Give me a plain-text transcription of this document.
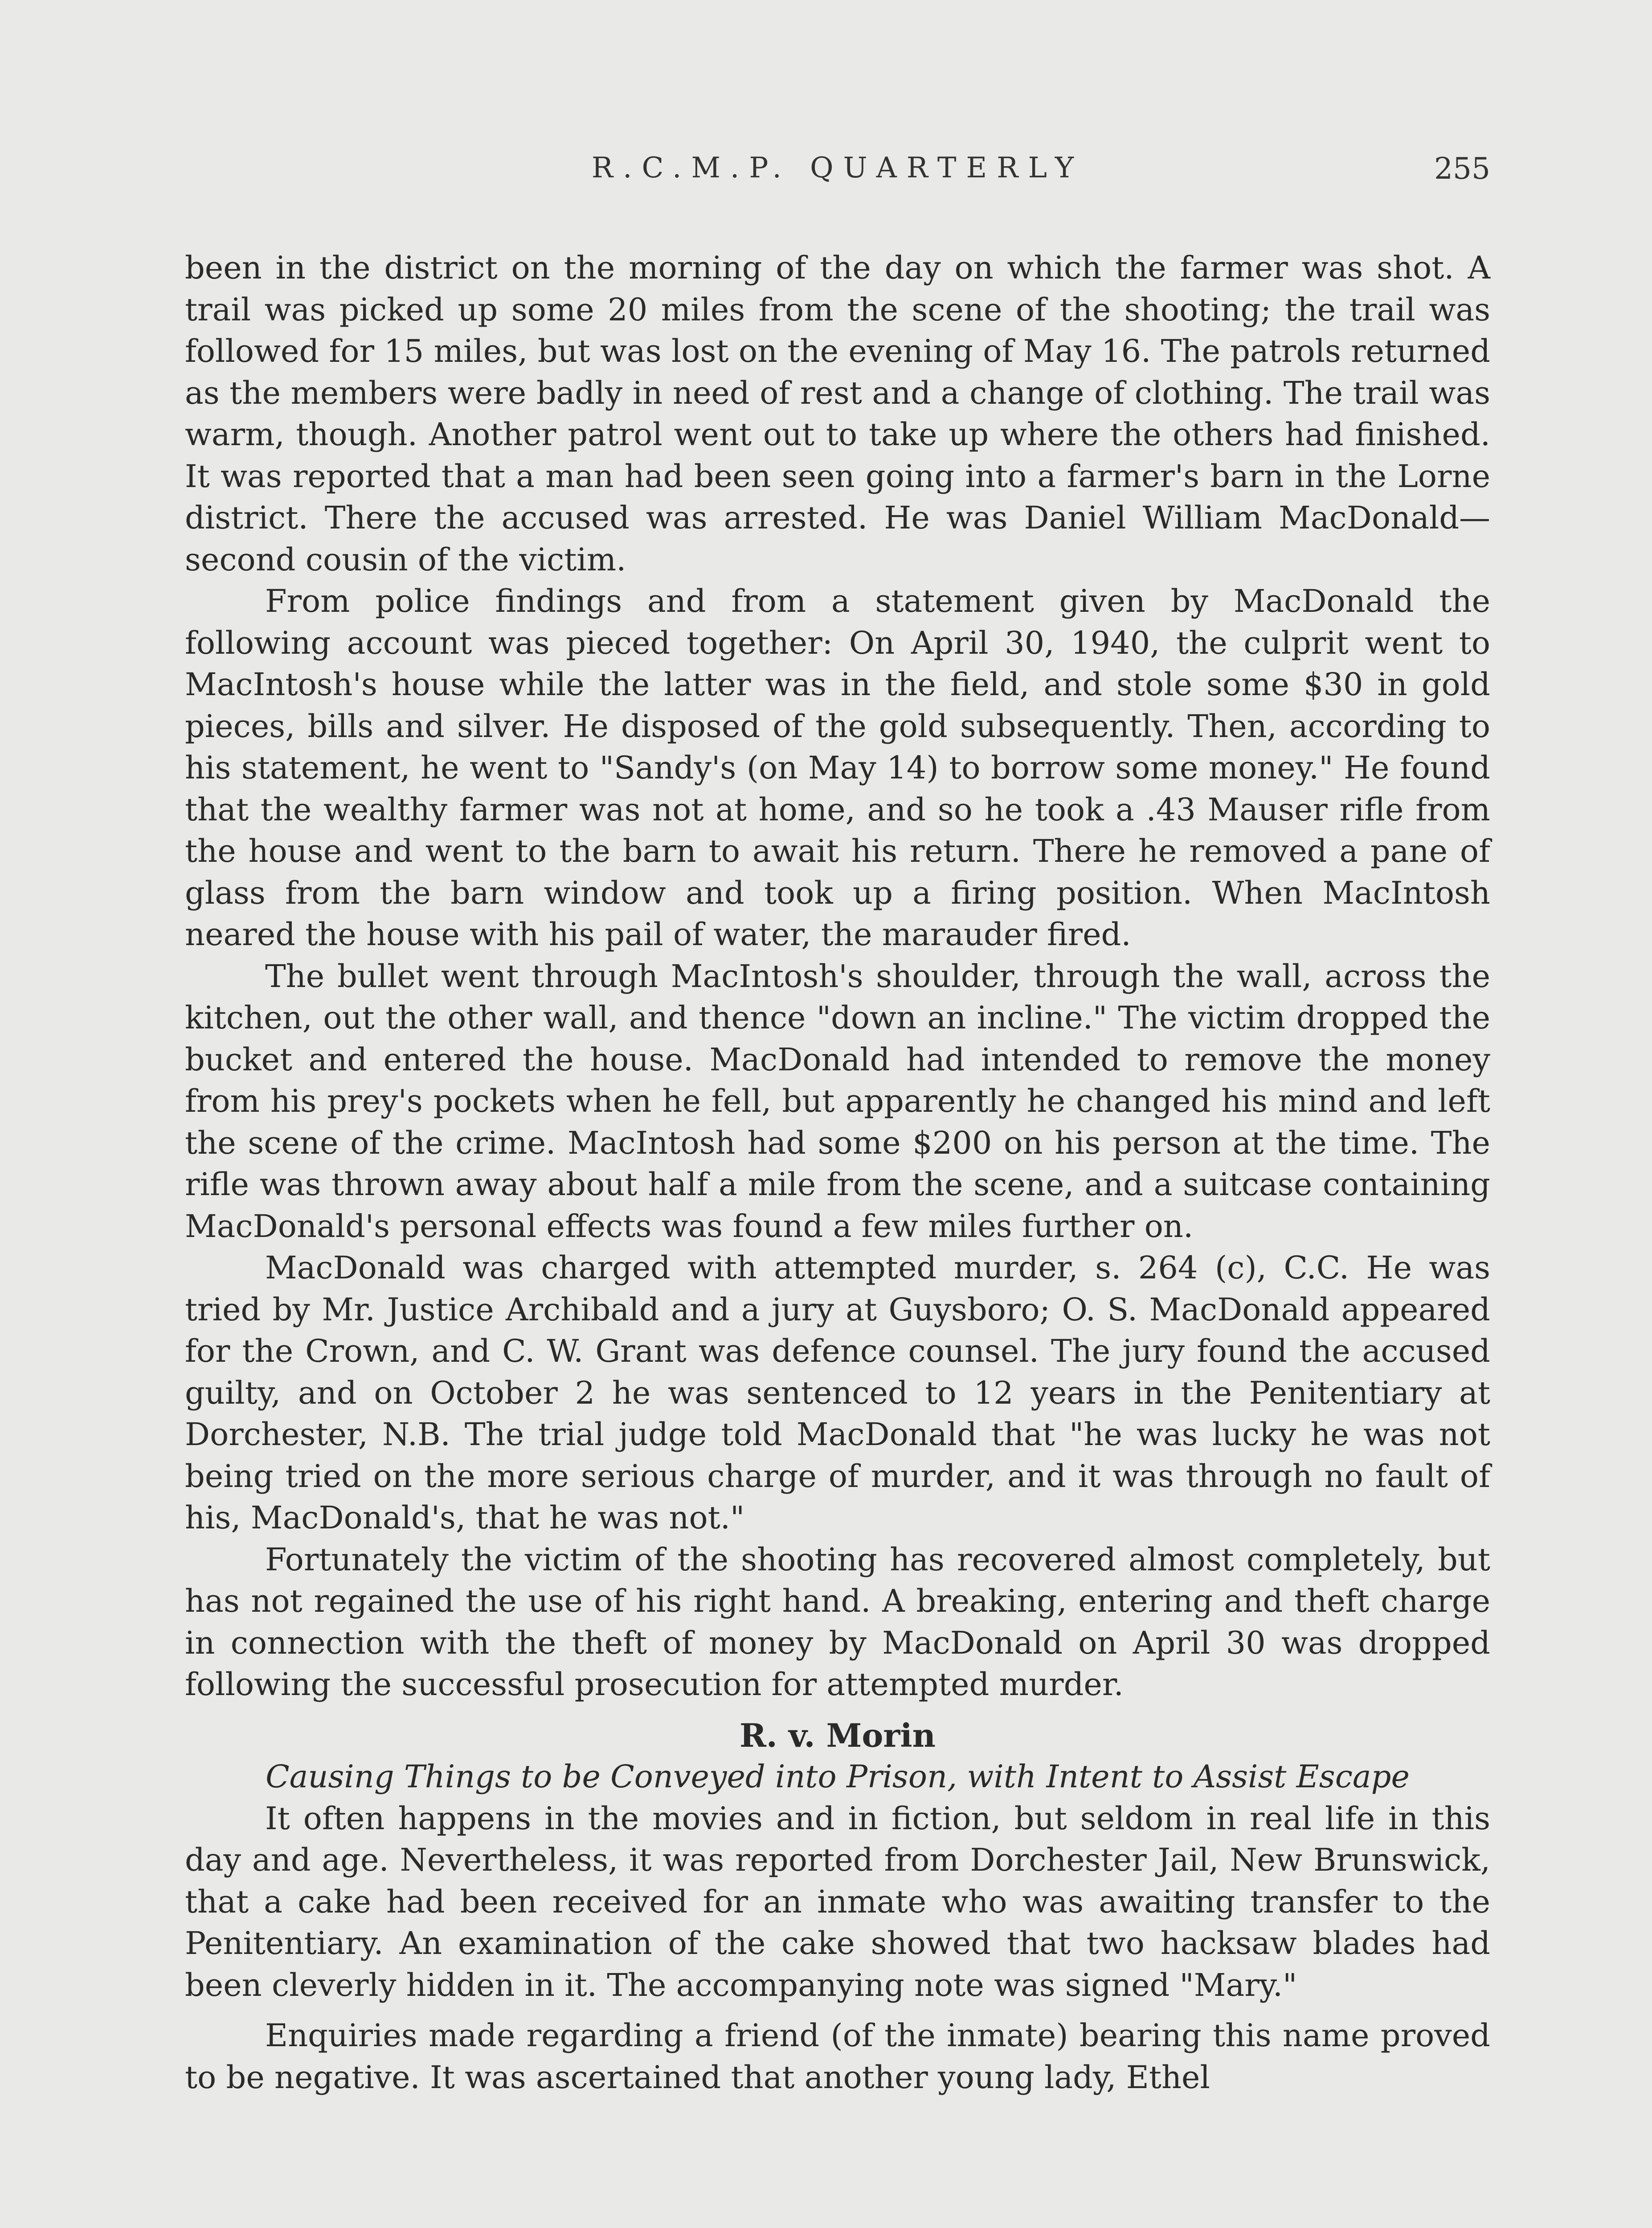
R.C.M.P. QUARTERLY	255

been in the district on the morning of the day on which the farmer was shot. A trail was picked up some 20 miles from the scene of the shooting; the trail was followed for 15 miles, but was lost on the evening of May 16. The patrols returned as the members were badly in need of rest and a change of clothing. The trail was warm, though. Another patrol went out to take up where the others had finished. It was reported that a man had been seen going into a farmer's barn in the Lorne district. There the accused was arrested. He was Daniel William MacDonald—second cousin of the victim.

From police findings and from a statement given by MacDonald the following account was pieced together: On April 30, 1940, the culprit went to MacIntosh's house while the latter was in the field, and stole some $30 in gold pieces, bills and silver. He disposed of the gold subsequently. Then, according to his statement, he went to "Sandy's (on May 14) to borrow some money." He found that the wealthy farmer was not at home, and so he took a .43 Mauser rifle from the house and went to the barn to await his return. There he removed a pane of glass from the barn window and took up a firing position. When MacIntosh neared the house with his pail of water, the marauder fired.

The bullet went through MacIntosh's shoulder, through the wall, across the kitchen, out the other wall, and thence "down an incline." The victim dropped the bucket and entered the house. MacDonald had intended to remove the money from his prey's pockets when he fell, but apparently he changed his mind and left the scene of the crime. MacIntosh had some $200 on his person at the time. The rifle was thrown away about half a mile from the scene, and a suitcase containing MacDonald's personal effects was found a few miles further on.

MacDonald was charged with attempted murder, s. 264 (c), C.C. He was tried by Mr. Justice Archibald and a jury at Guysboro; O. S. MacDonald appeared for the Crown, and C. W. Grant was defence counsel. The jury found the accused guilty, and on October 2 he was sentenced to 12 years in the Penitentiary at Dorchester, N.B. The trial judge told MacDonald that "he was lucky he was not being tried on the more serious charge of murder, and it was through no fault of his, MacDonald's, that he was not."

Fortunately the victim of the shooting has recovered almost completely, but has not regained the use of his right hand. A breaking, entering and theft charge in connection with the theft of money by MacDonald on April 30 was dropped following the successful prosecution for attempted murder.

R. v. Morin
Causing Things to be Conveyed into Prison, with Intent to Assist Escape

It often happens in the movies and in fiction, but seldom in real life in this day and age. Nevertheless, it was reported from Dorchester Jail, New Brunswick, that a cake had been received for an inmate who was awaiting transfer to the Penitentiary. An examination of the cake showed that two hacksaw blades had been cleverly hidden in it. The accompanying note was signed "Mary."

Enquiries made regarding a friend (of the inmate) bearing this name proved to be negative. It was ascertained that another young lady, Ethel
